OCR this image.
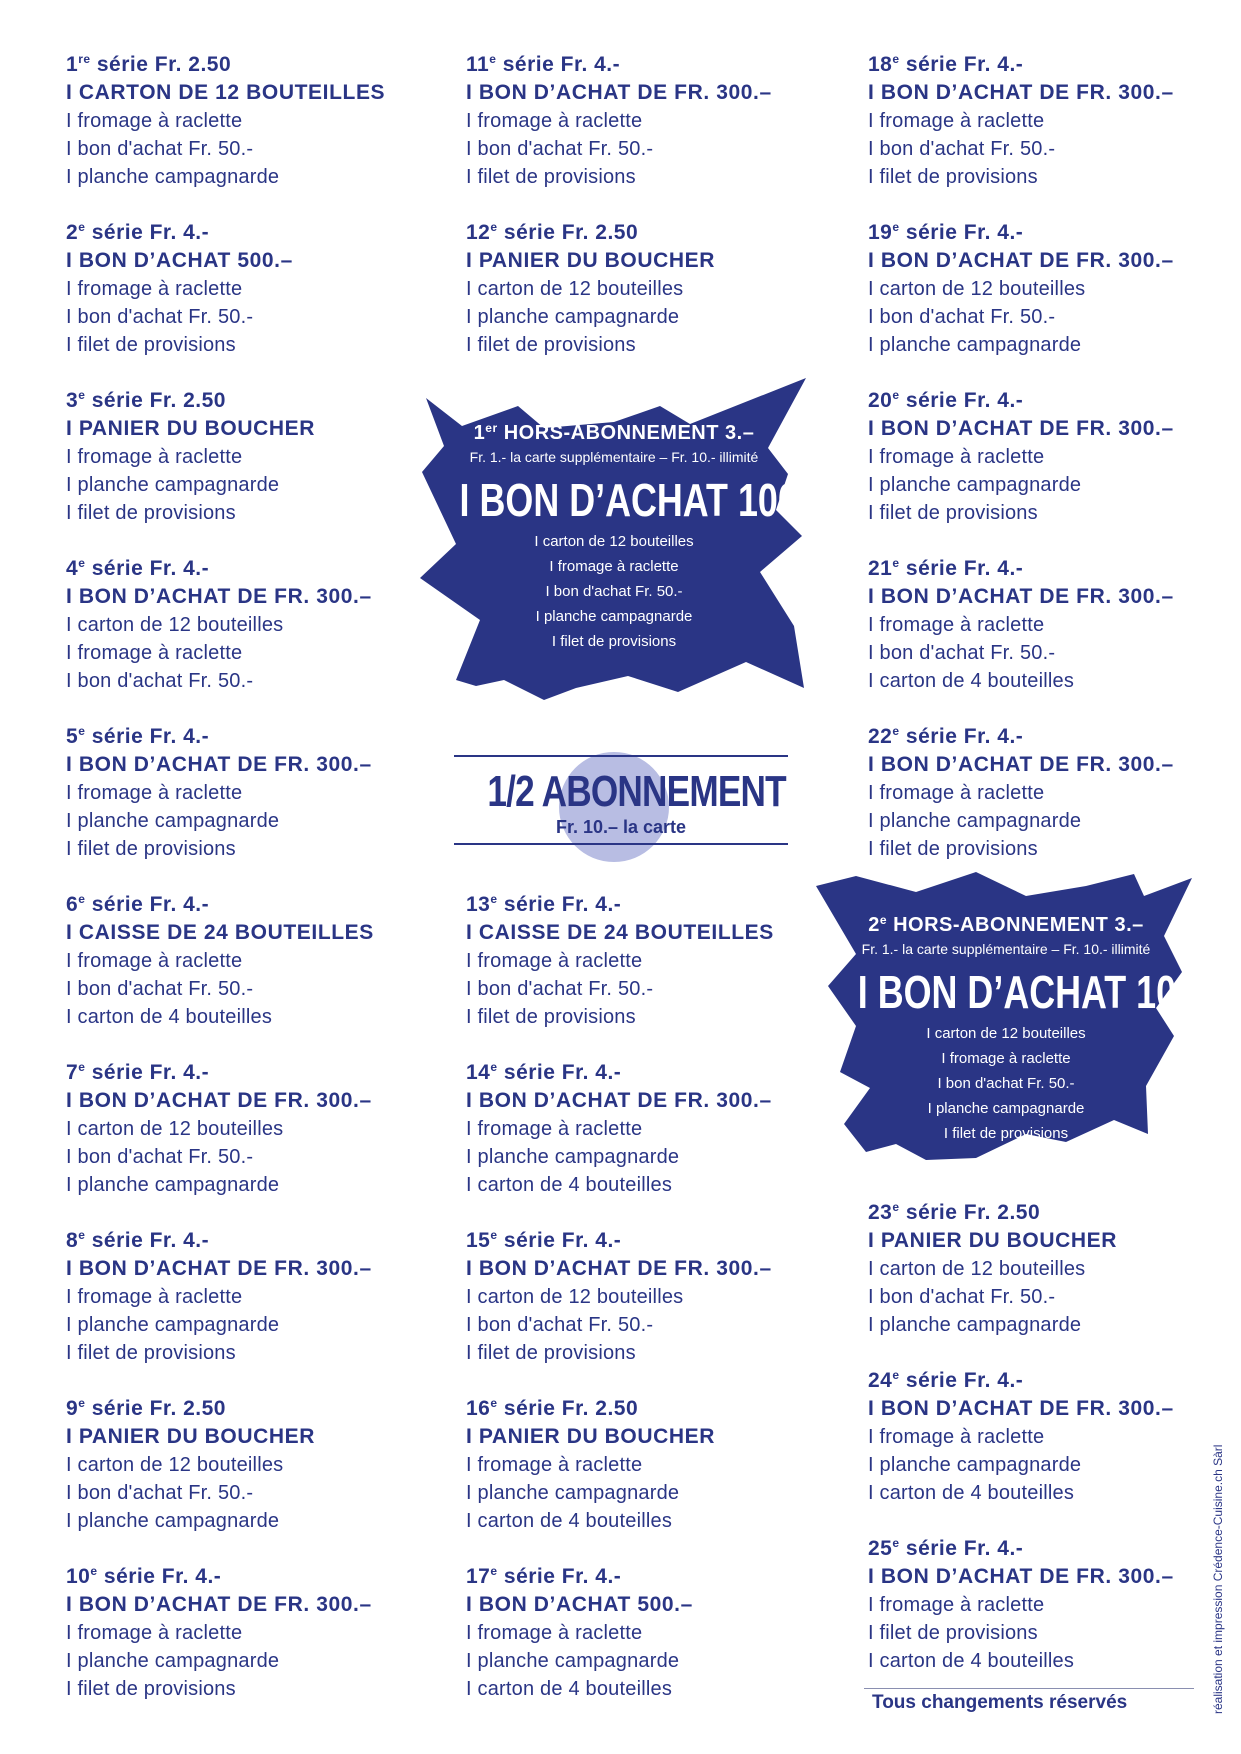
1re série Fr. 2.50
I CARTON DE 12 BOUTEILLES
I fromage à raclette
I bon d'achat Fr. 50.-
I planche campagnarde
2e série Fr. 4.-
I BON D’ACHAT 500.–
I fromage à raclette
I bon d'achat Fr. 50.-
I filet de provisions
3e série Fr. 2.50
I PANIER DU BOUCHER
I fromage à raclette
I planche campagnarde
I filet de provisions
4e série Fr. 4.-
I BON D’ACHAT DE FR. 300.–
I carton de 12 bouteilles
I fromage à raclette
I bon d'achat Fr. 50.-
5e série Fr. 4.-
I BON D’ACHAT DE FR. 300.–
I fromage à raclette
I planche campagnarde
I filet de provisions
6e série Fr. 4.-
I CAISSE DE 24 BOUTEILLES
I fromage à raclette
I bon d'achat Fr. 50.-
I carton de 4 bouteilles
7e série Fr. 4.-
I BON D’ACHAT DE FR. 300.–
I carton de 12 bouteilles
I bon d'achat Fr. 50.-
I planche campagnarde
8e série Fr. 4.-
I BON D’ACHAT DE FR. 300.–
I fromage à raclette
I planche campagnarde
I filet de provisions
9e série Fr. 2.50
I PANIER DU BOUCHER
I carton de 12 bouteilles
I bon d'achat Fr. 50.-
I planche campagnarde
10e série Fr. 4.-
I BON D’ACHAT DE FR. 300.–
I fromage à raclette
I planche campagnarde
I filet de provisions
11e série Fr. 4.-
I BON D’ACHAT DE FR. 300.–
I fromage à raclette
I bon d'achat Fr. 50.-
I filet de provisions
12e série Fr. 2.50
I PANIER DU BOUCHER
I carton de 12 bouteilles
I planche campagnarde
I filet de provisions
13e série Fr. 4.-
I CAISSE DE 24 BOUTEILLES
I fromage à raclette
I bon d'achat Fr. 50.-
I filet de provisions
14e série Fr. 4.-
I BON D’ACHAT DE FR. 300.–
I fromage à raclette
I planche campagnarde
I carton de 4 bouteilles
15e série Fr. 4.-
I BON D’ACHAT DE FR. 300.–
I carton de 12 bouteilles
I bon d'achat Fr. 50.-
I filet de provisions
16e série Fr. 2.50
I PANIER DU BOUCHER
I fromage à raclette
I planche campagnarde
I carton de 4 bouteilles
17e série Fr. 4.-
I BON D’ACHAT 500.–
I fromage à raclette
I planche campagnarde
I carton de 4 bouteilles
18e série Fr. 4.-
I BON D’ACHAT DE FR. 300.–
I fromage à raclette
I bon d'achat Fr. 50.-
I filet de provisions
19e série Fr. 4.-
I BON D’ACHAT DE FR. 300.–
I carton de 12 bouteilles
I bon d'achat Fr. 50.-
I planche campagnarde
20e série Fr. 4.-
I BON D’ACHAT DE FR. 300.–
I fromage à raclette
I planche campagnarde
I filet de provisions
21e série Fr. 4.-
I BON D’ACHAT DE FR. 300.–
I fromage à raclette
I bon d'achat Fr. 50.-
I carton de 4 bouteilles
22e série Fr. 4.-
I BON D’ACHAT DE FR. 300.–
I fromage à raclette
I planche campagnarde
I filet de provisions
23e série Fr. 2.50
I PANIER DU BOUCHER
I carton de 12 bouteilles
I bon d'achat Fr. 50.-
I planche campagnarde
24e série Fr. 4.-
I BON D’ACHAT DE FR. 300.–
I fromage à raclette
I planche campagnarde
I carton de 4 bouteilles
25e série Fr. 4.-
I BON D’ACHAT DE FR. 300.–
I fromage à raclette
I filet de provisions
I carton de 4 bouteilles
1er HORS-ABONNEMENT 3.–
Fr. 1.- la carte supplémentaire – Fr. 10.- illimité
I BON D’ACHAT 1000.-
I carton de 12 bouteilles
I fromage à raclette
I bon d'achat Fr. 50.-
I planche campagnarde
I filet de provisions
1/2 ABONNEMENT
Fr. 10.– la carte
2e HORS-ABONNEMENT 3.–
Fr. 1.- la carte supplémentaire – Fr. 10.- illimité
I BON D’ACHAT 1000.-
I carton de 12 bouteilles
I fromage à raclette
I bon d'achat Fr. 50.-
I planche campagnarde
I filet de provisions
Tous changements réservés	réalisation et impression Crédence-Cuisine.ch Sàrl
